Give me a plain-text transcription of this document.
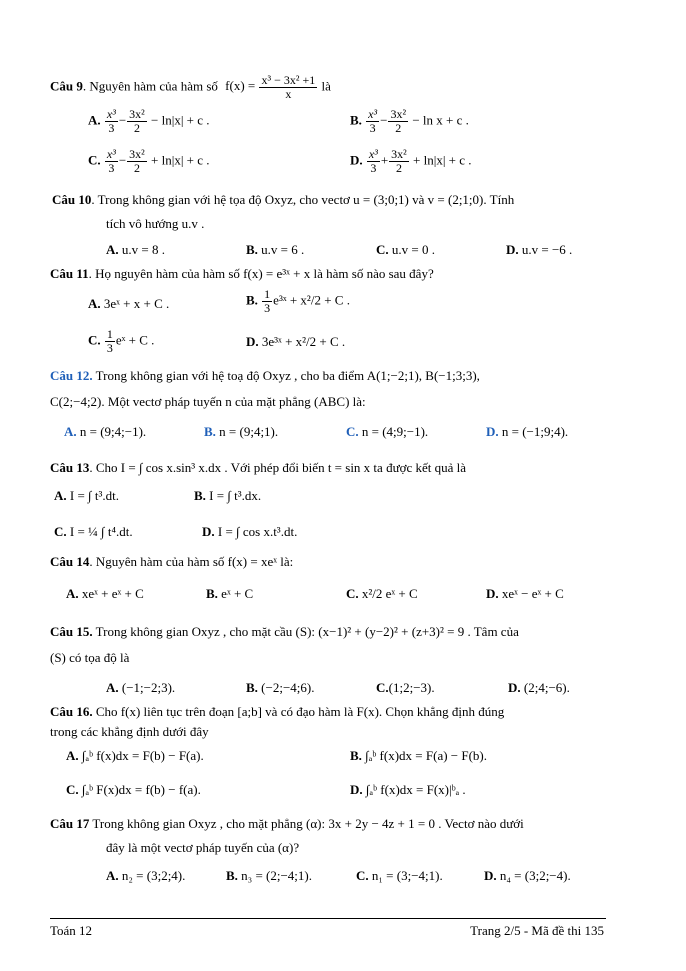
Câu 9. Nguyên hàm của hàm số $f(x) = \frac{\text{x³ − 3x² +1}}{x}$ là
A. $\frac{\text{x³}}{3} - \frac{\text{3x²}}{2} - \ln|x| + c$ .	B. $\frac{\text{x³}}{3} - \frac{\text{3x²}}{2} - \ln x + c$ .
C. $\frac{\text{x³}}{3} - \frac{\text{3x²}}{2} + \ln|x| + c$ .	D. $\frac{\text{x³}}{3} + \frac{\text{3x²}}{2} + \ln|x| + c$ .
Câu 10. Trong không gian với hệ tọa độ Oxyz, cho vectơ u = (3;0;1) và v = (2;1;0). Tính
tích vô hướng u.v .
A. u.v = 8 .	B. u.v = 6 .	C. u.v = 0 .	D. u.v = −6 .
Câu 11. Họ nguyên hàm của hàm số f(x) = e³ˣ + x là hàm số nào sau đây?
A. 3eˣ + x + C .	B. $\frac{1}{3}$ e³ˣ + x²/2 + C .
C. $\frac{1}{3}$ eˣ + C .	D. 3e³ˣ + x²/2 + C .
Câu 12. Trong không gian với hệ toạ độ Oxyz , cho ba điểm A(1;−2;1), B(−1;3;3),
C(2;−4;2). Một vectơ pháp tuyến n của mặt phẳng (ABC) là:
A. n = (9;4;−1).	B. n = (9;4;1).	C. n = (4;9;−1).	D. n = (−1;9;4).
Câu 13. Cho I = ∫ cos x.sin³ x.dx . Với phép đổi biến t = sin x ta được kết quả là
A. I = ∫ t³.dt.	B. I = ∫ t³.dx.
C. I = ¼ ∫ t⁴.dt.	D. I = ∫ cos x.t³.dt.
Câu 14. Nguyên hàm của hàm số f(x) = xeˣ là:
A. xeˣ + eˣ + C	B. eˣ + C	C. x²/2 eˣ + C	D. xeˣ − eˣ + C
Câu 15. Trong không gian Oxyz , cho mặt cầu (S): (x−1)² + (y−2)² + (z+3)² = 9 . Tâm của
(S) có tọa độ là
A. (−1;−2;3).	B. (−2;−4;6).	C.(1;2;−3).	D. (2;4;−6).
Câu 16. Cho f(x) liên tục trên đoạn [a;b] và có đạo hàm là F(x). Chọn khẳng định đúng
trong các khẳng định dưới đây
A. ∫ₐᵇ f(x)dx = F(b) − F(a).	B. ∫ₐᵇ f(x)dx = F(a) − F(b).
C. ∫ₐᵇ F(x)dx = f(b) − f(a).	D. ∫ₐᵇ f(x)dx = F(x)|ᵇₐ .
Câu 17 Trong không gian Oxyz , cho mặt phẳng (α): 3x + 2y − 4z + 1 = 0 . Vectơ nào dưới
đây là một vectơ pháp tuyến của (α)?
A. n₂ = (3;2;4).	B. n₃ = (2;−4;1).	C. n₁ = (3;−4;1).	D. n₄ = (3;2;−4).
Toán 12	Trang 2/5 - Mã đề thi 135
